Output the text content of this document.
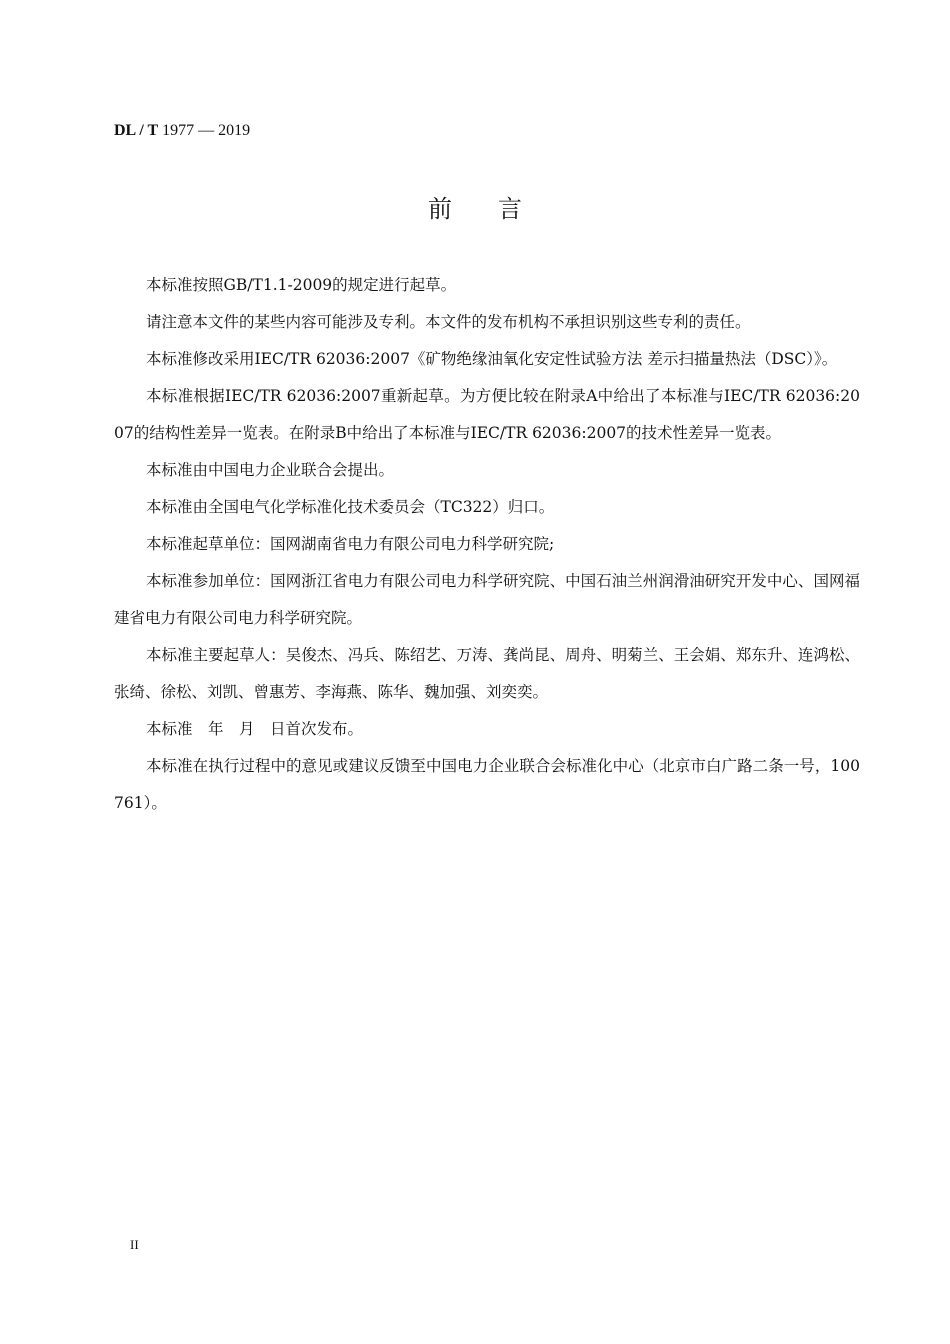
DL / T 1977 — 2019
前言

本标准按照GB/T1.1-2009的规定进行起草。

请注意本文件的某些内容可能涉及专利。本文件的发布机构不承担识别这些专利的责任。

本标准修改采用IEC/TR 62036:2007《矿物绝缘油氧化安定性试验方法 差示扫描量热法（DSC）》。

本标准根据IEC/TR 62036:2007重新起草。为方便比较在附录A中给出了本标准与IEC/TR 62036:2007的结构性差异一览表。在附录B中给出了本标准与IEC/TR 62036:2007的技术性差异一览表。

本标准由中国电力企业联合会提出。

本标准由全国电气化学标准化技术委员会（TC322）归口。

本标准起草单位：国网湖南省电力有限公司电力科学研究院;

本标准参加单位：国网浙江省电力有限公司电力科学研究院、中国石油兰州润滑油研究开发中心、国网福建省电力有限公司电力科学研究院。

本标准主要起草人：吴俊杰、冯兵、陈绍艺、万涛、龚尚昆、周舟、明菊兰、王会娟、郑东升、连鸿松、张绮、徐松、刘凯、曾惠芳、李海燕、陈华、魏加强、刘奕奕。

本标准　年　月　日首次发布。

本标准在执行过程中的意见或建议反馈至中国电力企业联合会标准化中心（北京市白广路二条一号，100761）。

II
